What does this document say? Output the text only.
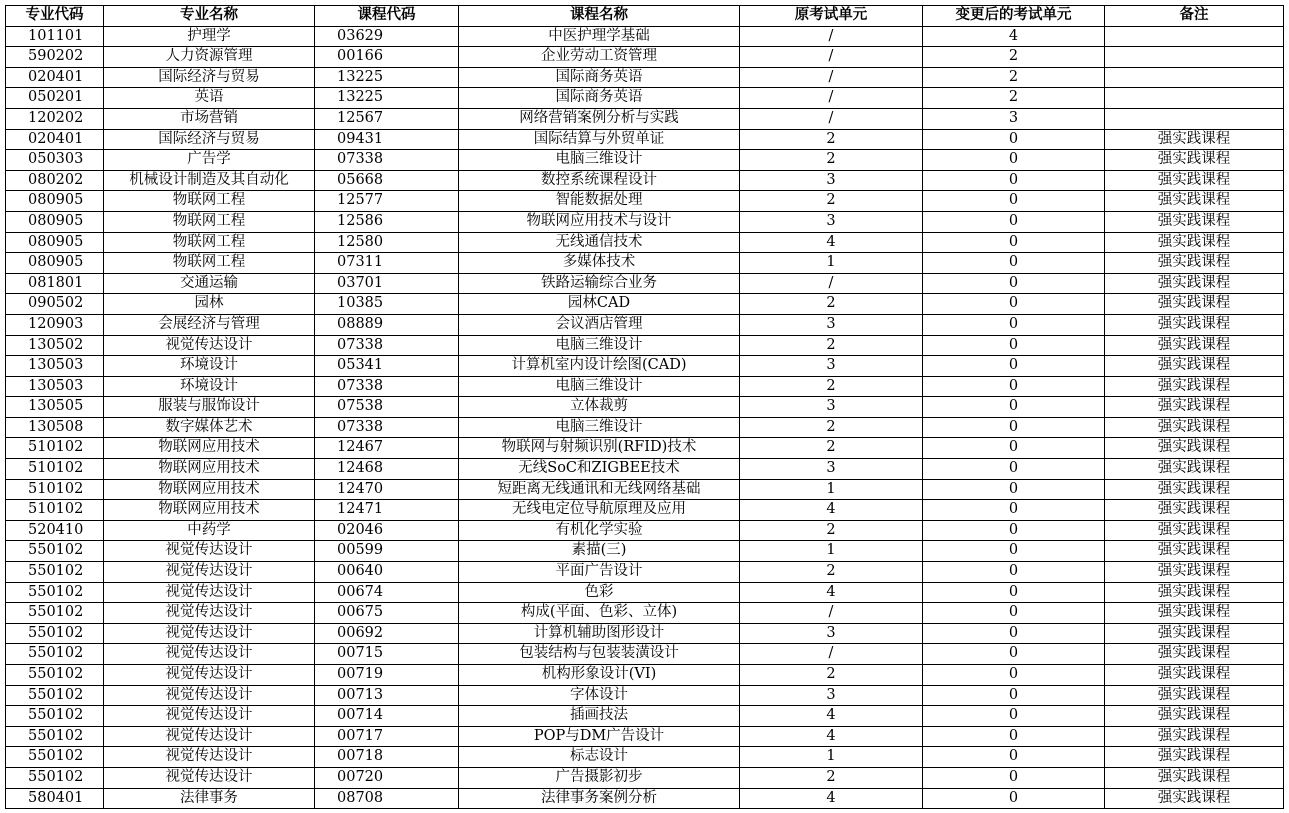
专业代码	专业名称	课程代码	课程名称	原考试单元	变更后的考试单元	备注
101101	护理学	03629	中医护理学基础	/	4	
590202	人力资源管理	00166	企业劳动工资管理	/	2	
020401	国际经济与贸易	13225	国际商务英语	/	2	
050201	英语	13225	国际商务英语	/	2	
120202	市场营销	12567	网络营销案例分析与实践	/	3	
020401	国际经济与贸易	09431	国际结算与外贸单证	2	0	强实践课程
050303	广告学	07338	电脑三维设计	2	0	强实践课程
080202	机械设计制造及其自动化	05668	数控系统课程设计	3	0	强实践课程
080905	物联网工程	12577	智能数据处理	2	0	强实践课程
080905	物联网工程	12586	物联网应用技术与设计	3	0	强实践课程
080905	物联网工程	12580	无线通信技术	4	0	强实践课程
080905	物联网工程	07311	多媒体技术	1	0	强实践课程
081801	交通运输	03701	铁路运输综合业务	/	0	强实践课程
090502	园林	10385	园林CAD	2	0	强实践课程
120903	会展经济与管理	08889	会议酒店管理	3	0	强实践课程
130502	视觉传达设计	07338	电脑三维设计	2	0	强实践课程
130503	环境设计	05341	计算机室内设计绘图(CAD)	3	0	强实践课程
130503	环境设计	07338	电脑三维设计	2	0	强实践课程
130505	服装与服饰设计	07538	立体裁剪	3	0	强实践课程
130508	数字媒体艺术	07338	电脑三维设计	2	0	强实践课程
510102	物联网应用技术	12467	物联网与射频识别(RFID)技术	2	0	强实践课程
510102	物联网应用技术	12468	无线SoC和ZIGBEE技术	3	0	强实践课程
510102	物联网应用技术	12470	短距离无线通讯和无线网络基础	1	0	强实践课程
510102	物联网应用技术	12471	无线电定位导航原理及应用	4	0	强实践课程
520410	中药学	02046	有机化学实验	2	0	强实践课程
550102	视觉传达设计	00599	素描(三)	1	0	强实践课程
550102	视觉传达设计	00640	平面广告设计	2	0	强实践课程
550102	视觉传达设计	00674	色彩	4	0	强实践课程
550102	视觉传达设计	00675	构成(平面、色彩、立体)	/	0	强实践课程
550102	视觉传达设计	00692	计算机辅助图形设计	3	0	强实践课程
550102	视觉传达设计	00715	包装结构与包装装潢设计	/	0	强实践课程
550102	视觉传达设计	00719	机构形象设计(VI)	2	0	强实践课程
550102	视觉传达设计	00713	字体设计	3	0	强实践课程
550102	视觉传达设计	00714	插画技法	4	0	强实践课程
550102	视觉传达设计	00717	POP与DM广告设计	4	0	强实践课程
550102	视觉传达设计	00718	标志设计	1	0	强实践课程
550102	视觉传达设计	00720	广告摄影初步	2	0	强实践课程
580401	法律事务	08708	法律事务案例分析	4	0	强实践课程
